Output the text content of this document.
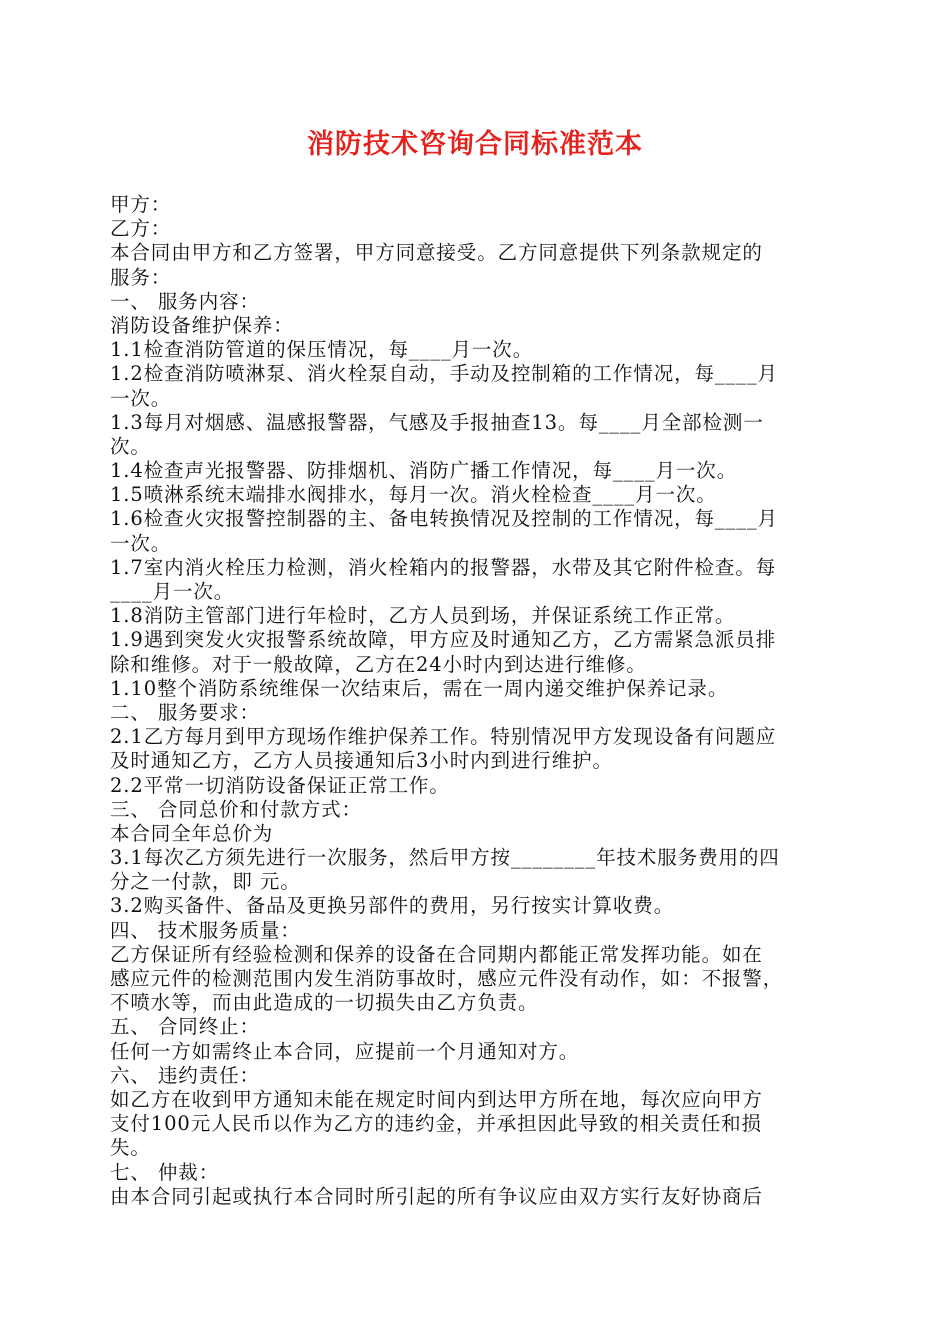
消防技术咨询合同标准范本
甲方：
乙方：
本合同由甲方和乙方签署，甲方同意接受。乙方同意提供下列条款规定的
服务：
一、 服务内容：
消防设备维护保养：
1.1检查消防管道的保压情况，每____月一次。
1.2检查消防喷淋泵、消火栓泵自动，手动及控制箱的工作情况，每____月
一次。
1.3每月对烟感、温感报警器，气感及手报抽查13。每____月全部检测一
次。
1.4检查声光报警器、防排烟机、消防广播工作情况，每____月一次。
1.5喷淋系统末端排水阀排水，每月一次。消火栓检查____月一次。
1.6检查火灾报警控制器的主、备电转换情况及控制的工作情况，每____月
一次。
1.7室内消火栓压力检测，消火栓箱内的报警器，水带及其它附件检查。每
____月一次。
1.8消防主管部门进行年检时，乙方人员到场，并保证系统工作正常。
1.9遇到突发火灾报警系统故障，甲方应及时通知乙方，乙方需紧急派员排
除和维修。对于一般故障，乙方在24小时内到达进行维修。
1.10整个消防系统维保一次结束后，需在一周内递交维护保养记录。
二、 服务要求：
2.1乙方每月到甲方现场作维护保养工作。特别情况甲方发现设备有问题应
及时通知乙方，乙方人员接通知后3小时内到进行维护。
2.2平常一切消防设备保证正常工作。
三、 合同总价和付款方式：
本合同全年总价为
3.1每次乙方须先进行一次服务，然后甲方按________年技术服务费用的四
分之一付款，即 元。
3.2购买备件、备品及更换另部件的费用，另行按实计算收费。
四、 技术服务质量：
乙方保证所有经验检测和保养的设备在合同期内都能正常发挥功能。如在
感应元件的检测范围内发生消防事故时，感应元件没有动作，如：不报警，
不喷水等，而由此造成的一切损失由乙方负责。
五、 合同终止：
任何一方如需终止本合同，应提前一个月通知对方。
六、 违约责任：
如乙方在收到甲方通知未能在规定时间内到达甲方所在地，每次应向甲方
支付100元人民币以作为乙方的违约金，并承担因此导致的相关责任和损
失。
七、 仲裁：
由本合同引起或执行本合同时所引起的所有争议应由双方实行友好协商后
